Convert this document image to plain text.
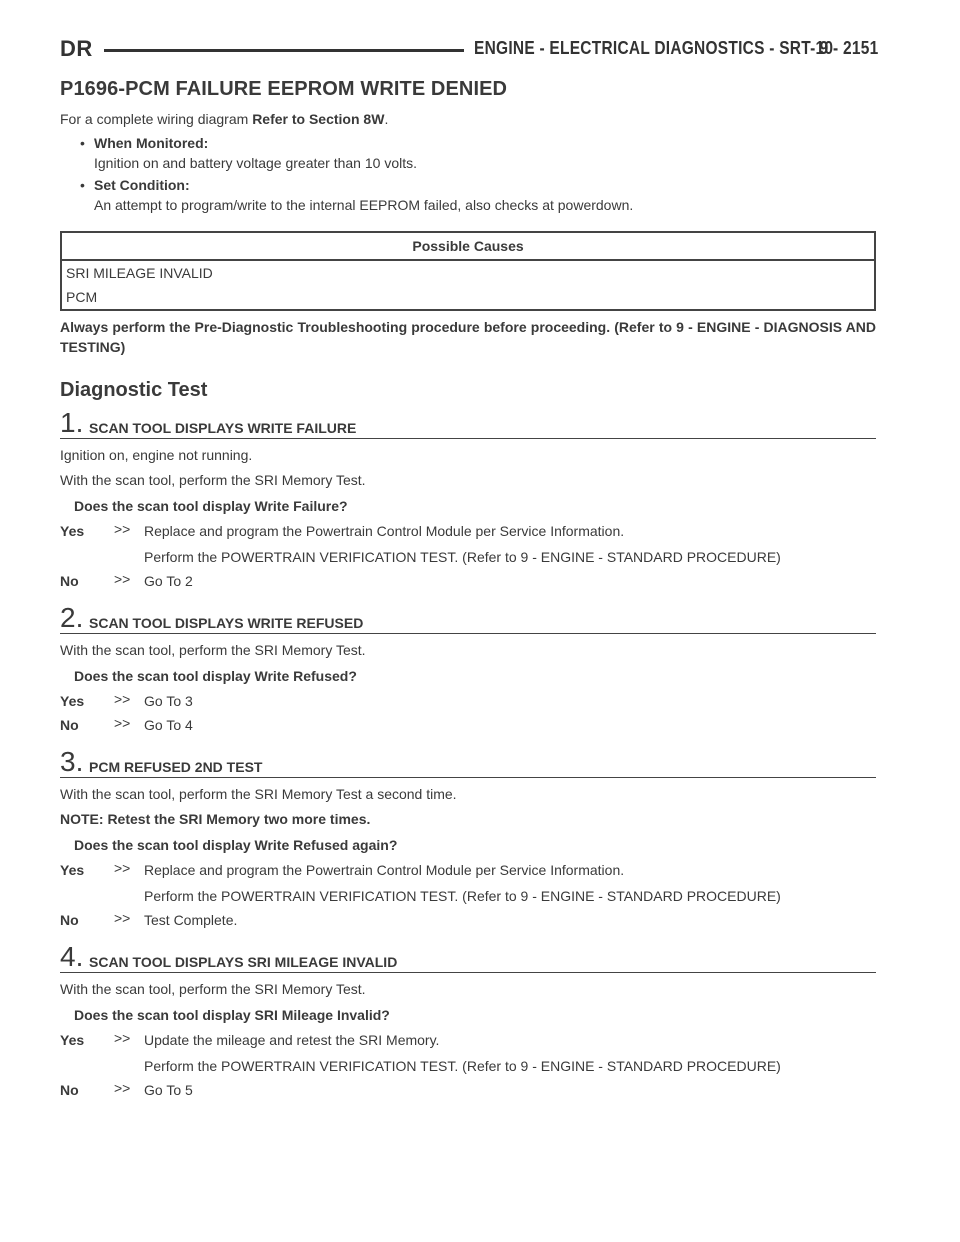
DR	ENGINE - ELECTRICAL DIAGNOSTICS - SRT-10
9 - 2151
P1696-PCM FAILURE EEPROM WRITE DENIED

For a complete wiring diagram Refer to Section 8W.

• When Monitored:
Ignition on and battery voltage greater than 10 volts.
• Set Condition:
An attempt to program/write to the internal EEPROM failed, also checks at powerdown.
Possible Causes
SRI MILEAGE INVALID
PCM
Always perform the Pre-Diagnostic Troubleshooting procedure before proceeding. (Refer to 9 - ENGINE - DIAGNOSIS AND TESTING)
Diagnostic Test
1. SCAN TOOL DISPLAYS WRITE FAILURE

Ignition on, engine not running.

With the scan tool, perform the SRI Memory Test.

Does the scan tool display Write Failure?

Yes >> Replace and program the Powertrain Control Module per Service Information.
Perform the POWERTRAIN VERIFICATION TEST. (Refer to 9 - ENGINE - STANDARD PROCEDURE)
No	>> Go To 2
2. SCAN TOOL DISPLAYS WRITE REFUSED

With the scan tool, perform the SRI Memory Test.

Does the scan tool display Write Refused?

Yes >> Go To 3
No	>> Go To 4
3. PCM REFUSED 2ND TEST

With the scan tool, perform the SRI Memory Test a second time.

NOTE: Retest the SRI Memory two more times.

Does the scan tool display Write Refused again?

Yes >> Replace and program the Powertrain Control Module per Service Information.
Perform the POWERTRAIN VERIFICATION TEST. (Refer to 9 - ENGINE - STANDARD PROCEDURE)
No	>> Test Complete.
4. SCAN TOOL DISPLAYS SRI MILEAGE INVALID

With the scan tool, perform the SRI Memory Test.

Does the scan tool display SRI Mileage Invalid?

Yes >> Update the mileage and retest the SRI Memory.
Perform the POWERTRAIN VERIFICATION TEST. (Refer to 9 - ENGINE - STANDARD PROCEDURE)
No	>> Go To 5
